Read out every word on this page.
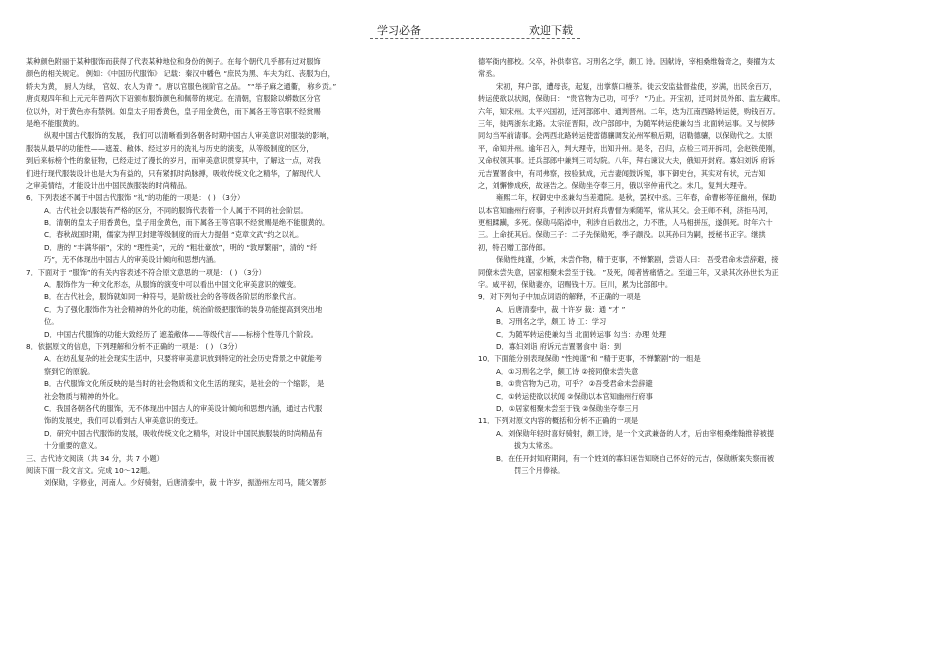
学习必备	欢迎下载
某种颜色附丽于某种服饰而获得了代表某种地位和身份的例子。在每个朝代几乎都有过对服饰
颜色的相关规定。 例如：《中国历代服饰》 记载：秦汉中幡色 “庶民为黑、车夫为红、丧服为白，
轿夫为黄， 厨人为绿， 官奴、农人为青 ”。唐以官服色视阶官之品。 ”“举子麻之通衢， 称乡贡。”
唐贞观四年和上元元年曾两次下诏颁布服饰颜色和佩带的规定。在清朝，官服除以蟒数区分官
位以外，对于黄色亦有禁例。如皇太子用香黄色，皇子用金黄色，而下属各王等官职不经赏赐
是绝不能服黄的。
纵观中国古代服饰的发展， 我们可以清晰看到各朝各时期中国古人审美意识对服装的影响，
服装从最早的功能性——遮羞、敝体、经过岁月的洗礼与历史的演变，从等级制度的区分，
到后来标榜个性的象征物，已经走过了漫长的岁月，而审美意识贯穿其中，了解这一点，对我
们进行现代服装设计也是大为有益的，只有紧抓时尚脉搏，吸收传统文化之精华，了解现代人
之审美情结，才能设计出中国民族服装的时尚精品。
6．下列表述不属于中国古代服饰 “礼”的功能的一项是： ( ) （3分）
A．古代社会以服装有严格的区分，不同的服饰代表着一个人属于不同的社会阶层。
B．清朝的皇太子用香黄色，皇子用金黄色，而下属各王等官职不经赏赐是绝不能服黄的。
C．春秋战国时期，儒家为捍卫封建等级制度的而大力提倡 “克章文武”约之以礼。
D．唐的 “丰满华丽”，宋的 “理性美”，元的 “粗壮豪放”，明的 “敦厚繁丽”，清的 “纤
巧”，无不体现出中国古人的审美设计倾向和思想内涵。
7．下面对于 “服饰”的有关内容表述不符合原文意思的一项是： ( ) （3分）
A．服饰作为一种文化形态，从服饰的演变中可以看出中国文化审美意识的嬗变。
B．在古代社会，服饰就如同一种符号，是阶级社会的各等级各阶层的形象代言。
C．为了强化服饰作为社会精神的外化的功能，统治阶级把服饰的装身功能提高到突出地
位。
D．中国古代服饰的功能大致经历了 遮羞敝体——等级代言——标榜个性等几个阶段。
8．依据原文的信息，下列理解和分析不正确的一项是： ( ) （3分）
A．在纺乱复杂的社会现实生活中，只要将审美意识放到特定的社会历史背景之中就能考
察到它的原貌。
B．古代服饰文化所反映的是当时的社会物质和文化生活的现实，是社会的一个缩影， 是
社会物质与精神的外化。
C．我国各朝各代的服饰，无不体现出中国古人的审美设计倾向和思想内涵，通过古代服
饰的发展史，我们可以看到古人审美意识的变迁。
D．研究中国古代服饰的发展，吸收传统文化之精华，对设计中国民族服装的时尚精品有
十分重要的意义。
三、古代诗文阅读（共 34 分，共 7 小题）
阅读下面一段文言文。完成 10～12题。
刘保勋，字修业，河南人。少好骑射，后唐清泰中，裁 十许岁，振游州左司马，随父署彭
德军衙内都校。父卒，补供奉官。习刑名之学，颇工 诗。因献诗，宰相桑维翰奇之，奏擢为太
常丞。
宋初，拜户部，遭母丧，起复，出掌蔡口榷茶。徙云安监盐督盐使，岁满，出民余百万，
转运使欲以状闻，保勋曰： “贵官物为己功，可乎？ ”乃止。开宝初，迁司封员外郎、监左藏库。
六年，知宋州。太平兴国初，迁河部郎中、通判晋州。二年，迭为江南西路转运使，购钱百万。
三年，徙两浙东北路。太宗征晋阳，改户部郎中，为随军转运使兼勾当 北面转运事。又与侯陟
同勾当军前请事。会两西北路转运使雷德骧调发沁州军粮后期，诏勒德骧，以保勋代之。太原
平，命知并州。逾年召入，判大理寺，出知升州。是冬，召归，点检三司开拆司，会赵铁使刚，
又命权领其事。迁兵部郎中兼判三司勾院。八年，拜右谏议大夫，俄知开封府。寡妇刘诉 府诉
元吉置署食中，有司弗察，按验狱成，元吉妻闻鼓诉冤，事下御史台，其实对有状，元吉知
之，刘懈惨成疾，故诬告之。保勋坐夺奉三月，俄以宰仲甫代之。未几，复判大理寺。
雍熙二年，权御史中丞兼勾当差遣院。是秋，罢权中丞。三年春，命曹彬等征幽州，保助
以本官知幽州行府事，子利涉以开封府兵曹督为乘随军，常从其父。会王师不利，济拒马河，
更相蹂躏，多死。保勋马陷淖中，利涉自后救出之，力不胜，人马相拼压，遂俱死。时年六十
三。上命抚其后。保勋三子：二子先保勋死，季子颛没。以其孙曰为嗣，授秘书正字。继拱
初，特召赠工部侍郎。
保勋性纯谨，少嫉，未尝作物，精于吏事，不惮繁剧，尝语人曰： 吾受君命未尝辞避，接
同僚未尝失意，居家相聚未尝至于钱。 ”及死，闻者皆痛惜之。至道三年，又录其次孙世长为正
字。咸平初，保勋妻亦，诏赐钱十万。巨川，累为比部郎中。
9．对下列句子中加点词语的解释，不正确的一项是
A．后唐清泰中，裁 十许岁 裁：通 “才 ”
B．习刑名之学，颇工 诗 工：学习
C．为随军转运使兼勾当 北面转运事 勾当：办理 处理
D．寡妇刘诣 府诉元吉置署食中 诣：到
10．下面能分别表现保勋 “性纯谨”和 “精于吏事，不惮繁剧”的一组是
A．①习刑名之学，颇工诗 ②接同僚未尝失意
B．①贵官物为己功，可乎？ ②吾受君命未尝辞避
C．①转运使欲以状闻 ②保勋以本官知幽州行府事
D．①居家相聚未尝至于钱 ②保勋坐夺奉三月
11．下列对原文内容的概括和分析不正确的一项是
A．刘保勋年轻时喜好骑射，颇工诗，是一个文武兼备的人才，后由宰相桑维翰推荐被提
拔为太常丞。
B．在任开封知府期间，有一个姓刘的寡妇诬告知晓自己怀好的元吉，保勋断案失察而被
罚三个月俸禄。
